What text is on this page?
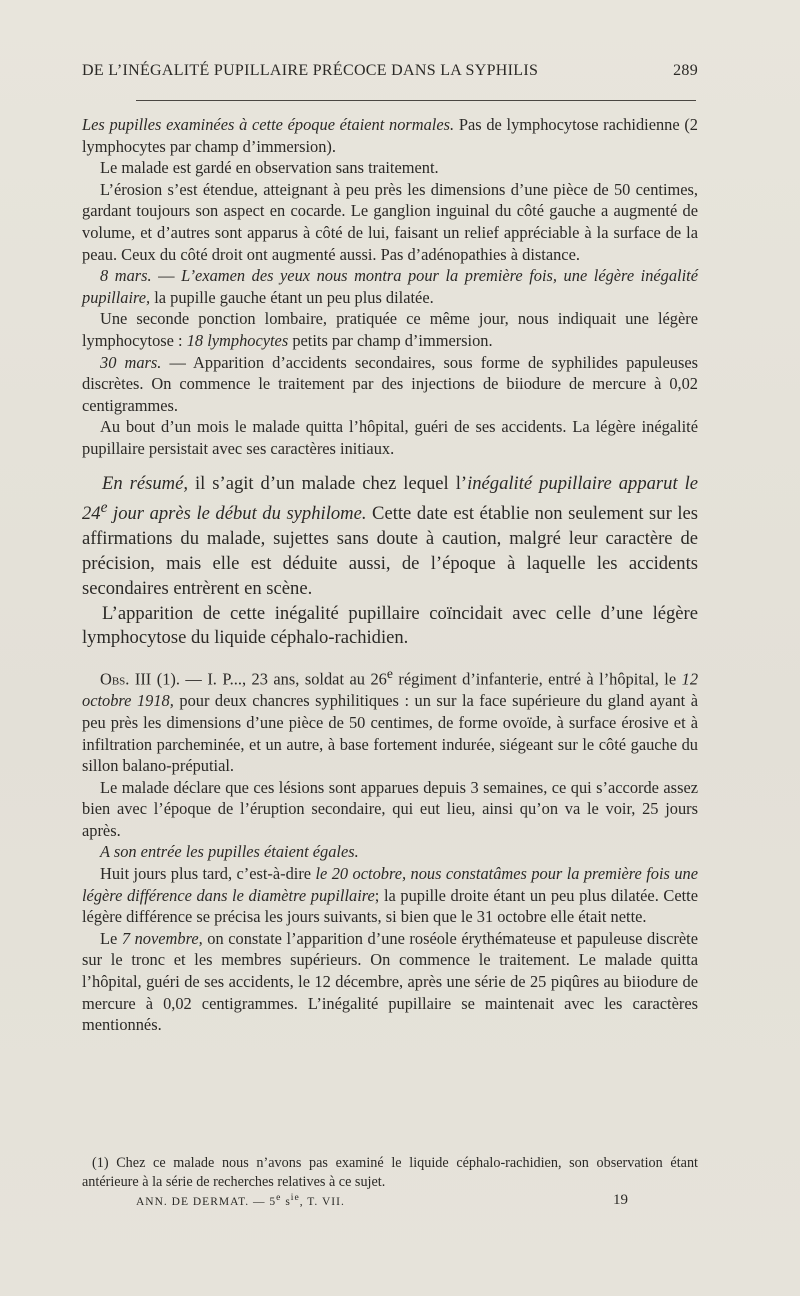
DE L’INÉGALITÉ PUPILLAIRE PRÉCOCE DANS LA SYPHILIS	289

Les pupilles examinées à cette époque étaient normales. Pas de lymphocytose rachidienne (2 lymphocytes par champ d’immersion).

Le malade est gardé en observation sans traitement.

L’érosion s’est étendue, atteignant à peu près les dimensions d’une pièce de 50 centimes, gardant toujours son aspect en cocarde. Le ganglion inguinal du côté gauche a augmenté de volume, et d’autres sont apparus à côté de lui, faisant un relief appréciable à la surface de la peau. Ceux du côté droit ont augmenté aussi. Pas d’adénopathies à distance.

8 mars. — L’examen des yeux nous montra pour la première fois, une légère inégalité pupillaire, la pupille gauche étant un peu plus dilatée.

Une seconde ponction lombaire, pratiquée ce même jour, nous indiquait une légère lymphocytose : 18 lymphocytes petits par champ d’immersion.

30 mars. — Apparition d’accidents secondaires, sous forme de syphilides papuleuses discrètes. On commence le traitement par des injections de biiodure de mercure à 0,02 centigrammes.

Au bout d’un mois le malade quitta l’hôpital, guéri de ses accidents. La légère inégalité pupillaire persistait avec ses caractères initiaux.

En résumé, il s’agit d’un malade chez lequel l’inégalité pupillaire apparut le 24e jour après le début du syphilome. Cette date est établie non seulement sur les affirmations du malade, sujettes sans doute à caution, malgré leur caractère de précision, mais elle est déduite aussi, de l’époque à laquelle les accidents secondaires entrèrent en scène.

L’apparition de cette inégalité pupillaire coïncidait avec celle d’une légère lymphocytose du liquide céphalo-rachidien.

Obs. III (1). — I. P..., 23 ans, soldat au 26e régiment d’infanterie, entré à l’hôpital, le 12 octobre 1918, pour deux chancres syphilitiques : un sur la face supérieure du gland ayant à peu près les dimensions d’une pièce de 50 centimes, de forme ovoïde, à surface érosive et à infiltration parcheminée, et un autre, à base fortement indurée, siégeant sur le côté gauche du sillon balano-préputial.

Le malade déclare que ces lésions sont apparues depuis 3 semaines, ce qui s’accorde assez bien avec l’époque de l’éruption secondaire, qui eut lieu, ainsi qu’on va le voir, 25 jours après.

A son entrée les pupilles étaient égales.

Huit jours plus tard, c’est-à-dire le 20 octobre, nous constatâmes pour la première fois une légère différence dans le diamètre pupillaire; la pupille droite étant un peu plus dilatée. Cette légère différence se précisa les jours suivants, si bien que le 31 octobre elle était nette.

Le 7 novembre, on constate l’apparition d’une roséole érythémateuse et papuleuse discrète sur le tronc et les membres supérieurs. On commence le traitement. Le malade quitta l’hôpital, guéri de ses accidents, le 12 décembre, après une série de 25 piqûres au biiodure de mercure à 0,02 centigrammes. L’inégalité pupillaire se maintenait avec les caractères mentionnés.

(1) Chez ce malade nous n’avons pas examiné le liquide céphalo-rachidien, son observation étant antérieure à la série de recherches relatives à ce sujet.

ANN. DE DERMAT. — 5e $s^{ie}$, T. VII.	19
